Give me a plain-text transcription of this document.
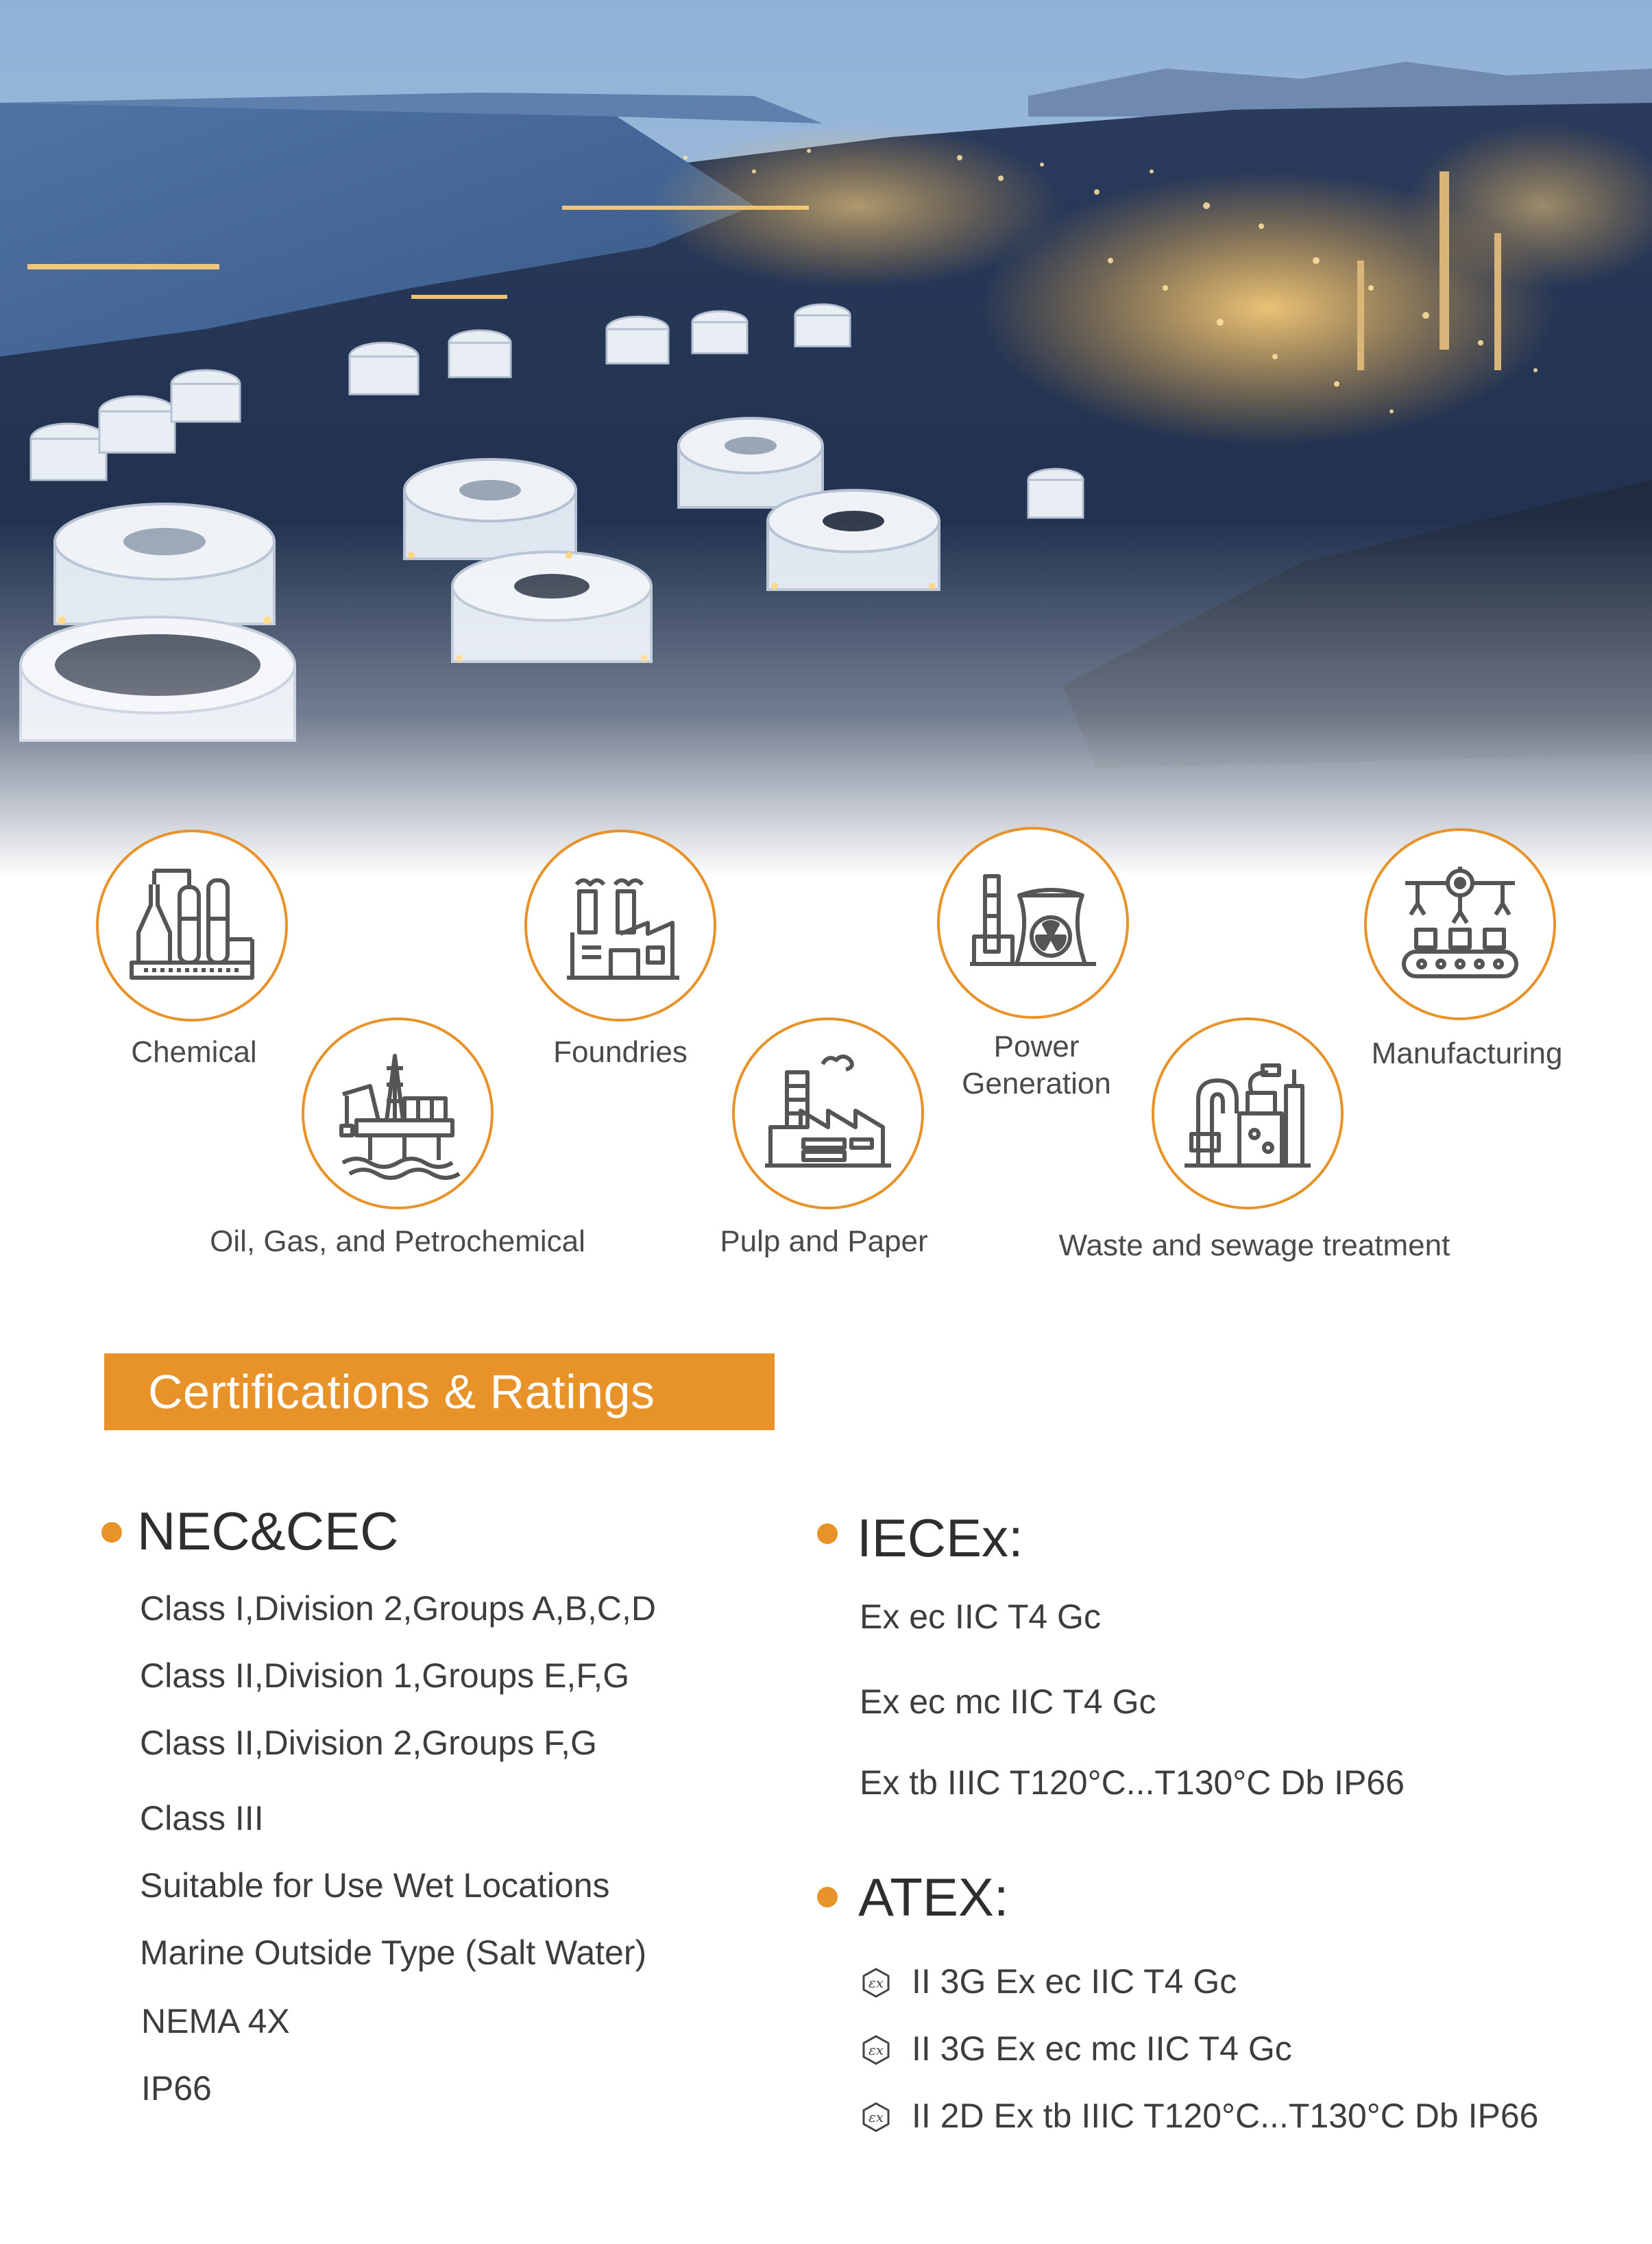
Chemical
Oil, Gas, and Petrochemical
Foundries
Pulp and Paper
Power
Generation
Waste and sewage treatment
Manufacturing
Certifications & Ratings
NEC&CEC
Class I,Division 2,Groups A,B,C,D
Class II,Division 1,Groups E,F,G
Class II,Division 2,Groups F,G
Class III
Suitable for Use Wet Locations
Marine Outside Type (Salt Water)
NEMA 4X
IP66
IECEx:
Ex ec IIC T4 Gc
Ex ec mc IIC T4 Gc
Ex tb IIIC T120°C...T130°C Db IP66
ATEX:
εx II 3G Ex ec IIC T4 Gc
εx II 3G Ex ec mc IIC T4 Gc
εx II 2D Ex tb IIIC T120°C...T130°C Db IP66
